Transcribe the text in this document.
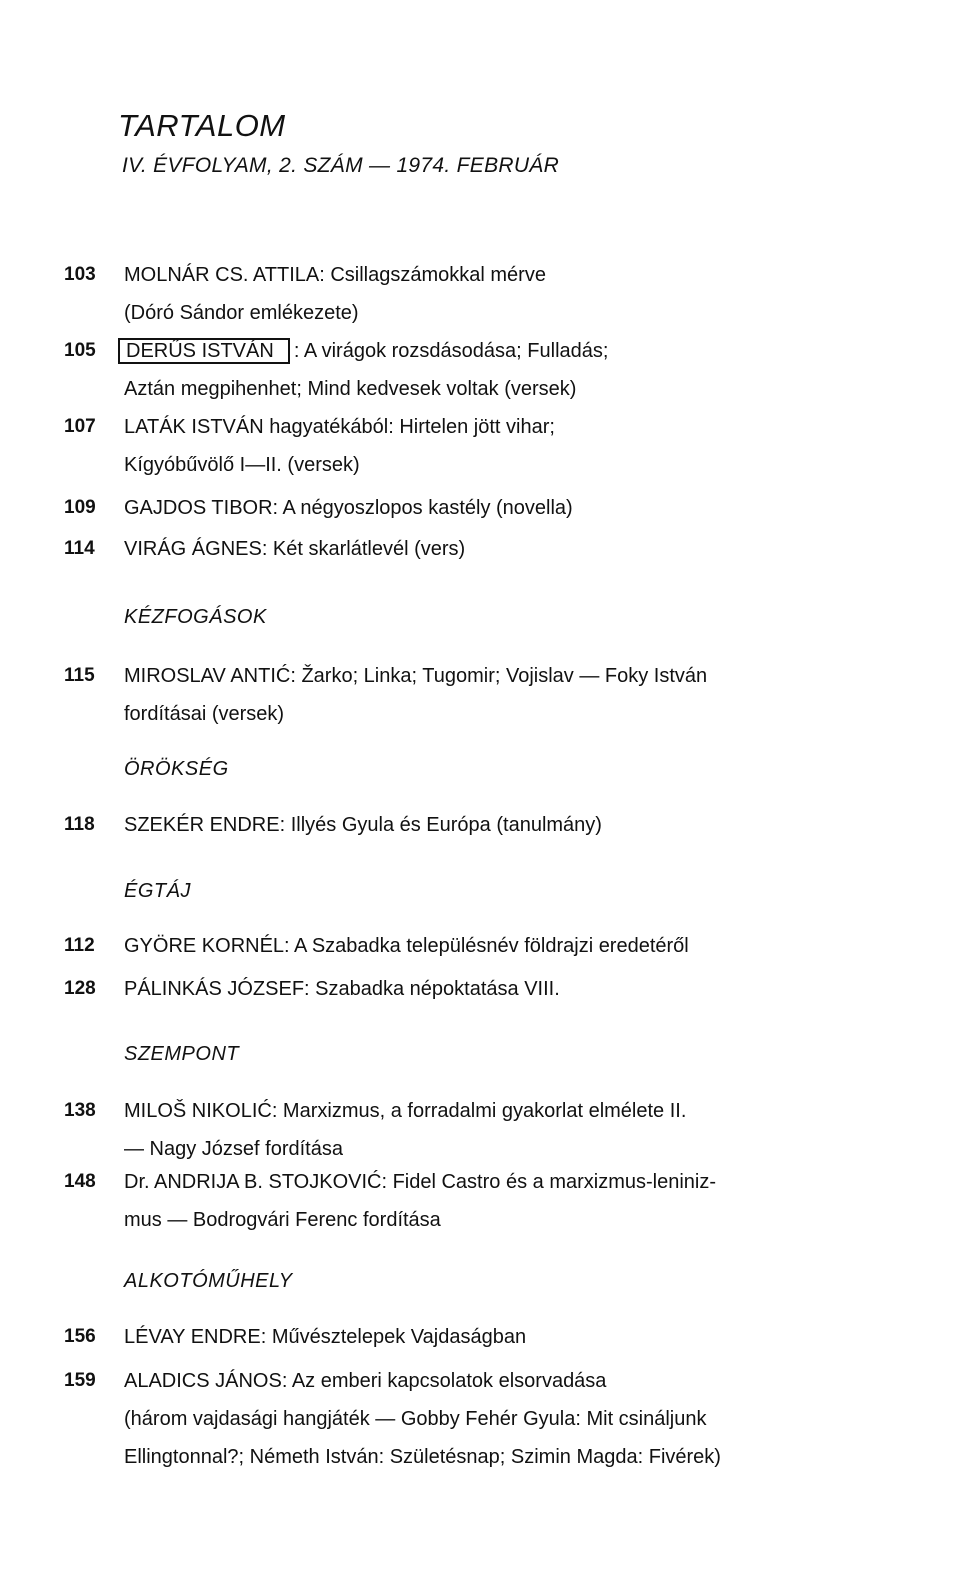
TARTALOM
IV. ÉVFOLYAM, 2. SZÁM — 1974. FEBRUÁR
103	MOLNÁR CS. ATTILA: Csillagszámokkal mérve
(Dóró Sándor emlékezete)
105	DERŰS ISTVÁN : A virágok rozsdásodása; Fulladás;
Aztán megpihenhet; Mind kedvesek voltak (versek)
107	LATÁK ISTVÁN hagyatékából: Hirtelen jött vihar;
Kígyóbűvölő I—II. (versek)
109	GAJDOS TIBOR: A négyoszlopos kastély (novella)
114	VIRÁG ÁGNES: Két skarlátlevél (vers)
KÉZFOGÁSOK
115	MIROSLAV ANTIĆ: Žarko; Linka; Tugomir; Vojislav — Foky István
fordításai (versek)
ÖRÖKSÉG
118	SZEKÉR ENDRE: Illyés Gyula és Európa (tanulmány)
ÉGTÁJ
112	GYÖRE KORNÉL: A Szabadka településnév földrajzi eredetéről
128	PÁLINKÁS JÓZSEF: Szabadka népoktatása VIII.
SZEMPONT
138	MILOŠ NIKOLIĆ: Marxizmus, a forradalmi gyakorlat elmélete II.
— Nagy József fordítása
148	Dr. ANDRIJA B. STOJKOVIĆ: Fidel Castro és a marxizmus-leniniz-
mus — Bodrogvári Ferenc fordítása
ALKOTÓMŰHELY
156	LÉVAY ENDRE: Művésztelepek Vajdaságban
159	ALADICS JÁNOS: Az emberi kapcsolatok elsorvadása
(három vajdasági hangjáték — Gobby Fehér Gyula: Mit csináljunk
Ellingtonnal?; Németh István: Születésnap; Szimin Magda: Fivérek)
